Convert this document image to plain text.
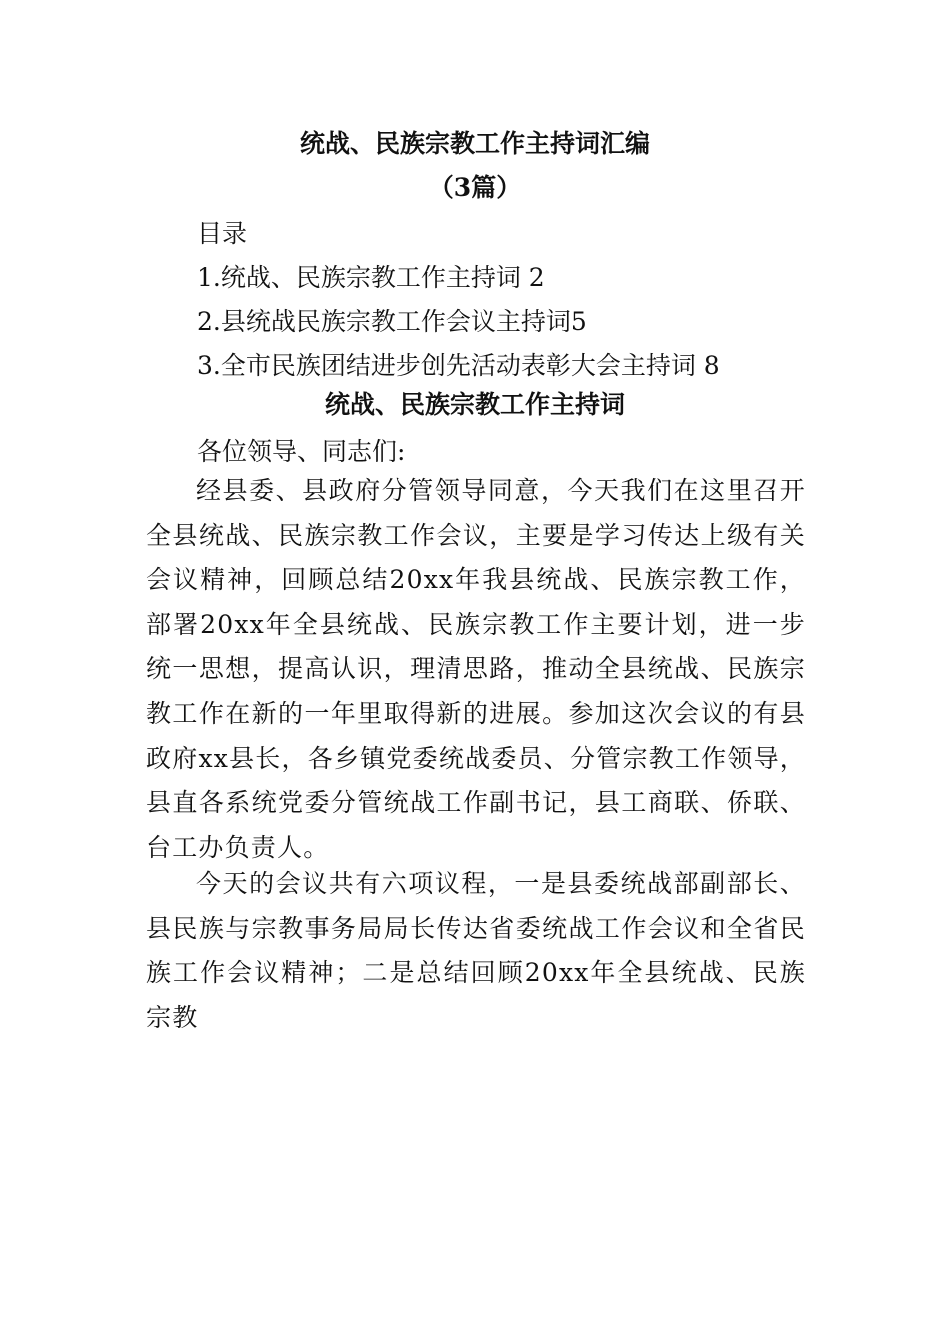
统战、民族宗教工作主持词汇编
（3篇）
目录
1.统战、民族宗教工作主持词 2
2.县统战民族宗教工作会议主持词5
3.全市民族团结进步创先活动表彰大会主持词 8
统战、民族宗教工作主持词
各位领导、同志们:
经县委、县政府分管领导同意，今天我们在这里召开全县统战、民族宗教工作会议，主要是学习传达上级有关会议精神，回顾总结20xx年我县统战、民族宗教工作，部署20xx年全县统战、民族宗教工作主要计划，进一步统一思想，提高认识，理清思路，推动全县统战、民族宗教工作在新的一年里取得新的进展。参加这次会议的有县政府xx县长，各乡镇党委统战委员、分管宗教工作领导，县直各系统党委分管统战工作副书记，县工商联、侨联、台工办负责人。
今天的会议共有六项议程，一是县委统战部副部长、县民族与宗教事务局局长传达省委统战工作会议和全省民族工作会议精神；二是总结回顾20xx年全县统战、民族宗教
